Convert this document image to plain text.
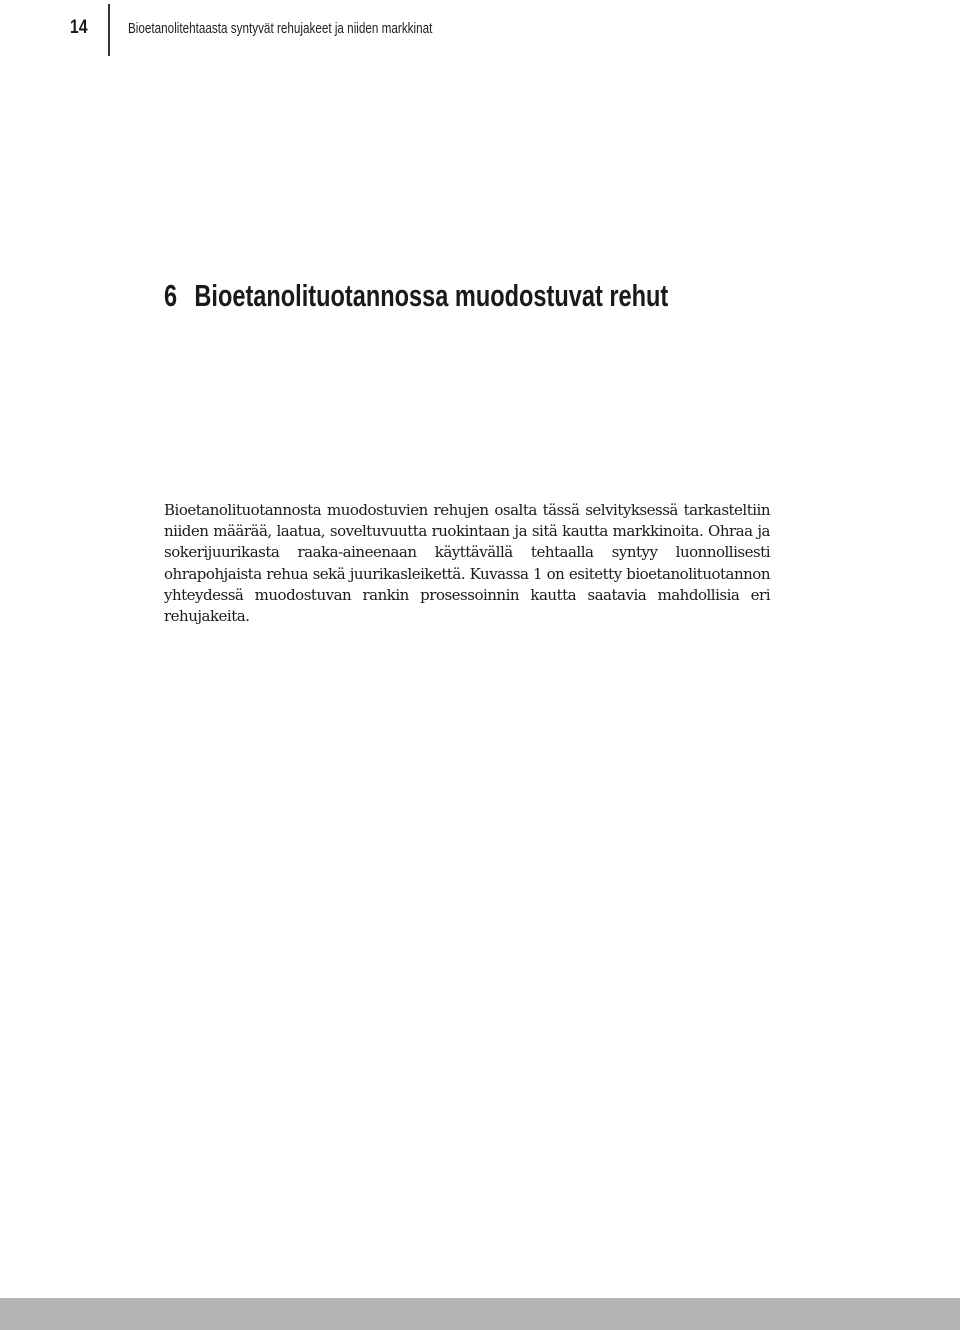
14	Bioetanolitehtaasta syntyvät rehujakeet ja niiden markkinat
6 Bioetanolituotannossa muodostuvat rehut

Bioetanolituotannosta muodostuvien rehujen osalta tässä selvityksessä tarkasteltiin niiden määrää, laatua, soveltuvuutta ruokintaan ja sitä kautta markkinoita. Ohraa ja sokerijuurikasta raaka-aineenaan käyttävällä tehtaalla syntyy luonnollisesti ohrapohjaista rehua sekä juurikasleikettä. Kuvassa 1 on esitetty bioetanolituotannon yhteydessä muodostuvan rankin prosessoinnin kautta saatavia mahdollisia eri rehujakeita.
